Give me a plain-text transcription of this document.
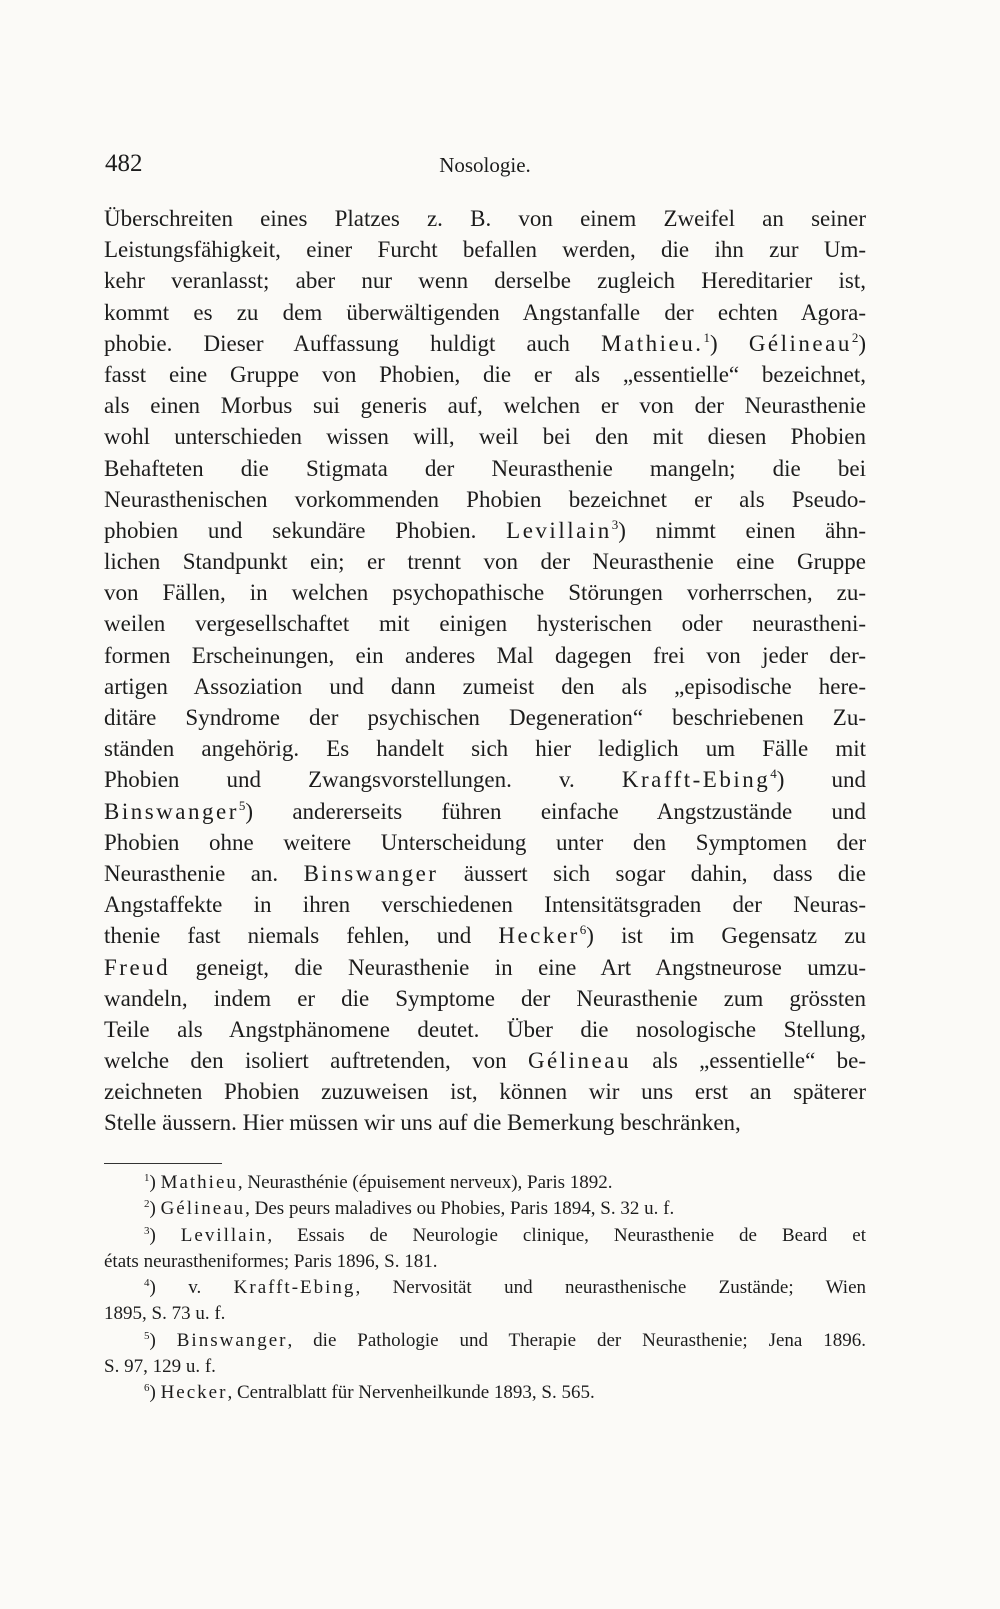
482	Nosologie.
Überschreiten eines Platzes z. B. von einem Zweifel an seiner
Leistungsfähigkeit, einer Furcht befallen werden, die ihn zur Um-
kehr veranlasst; aber nur wenn derselbe zugleich Hereditarier ist,
kommt es zu dem überwältigenden Angstanfalle der echten Agora-
phobie. Dieser Auffassung huldigt auch Mathieu.$^1$) Gélineau$^2$)
fasst eine Gruppe von Phobien, die er als „essentielle“ bezeichnet,
als einen Morbus sui generis auf, welchen er von der Neurasthenie
wohl unterschieden wissen will, weil bei den mit diesen Phobien
Behafteten die Stigmata der Neurasthenie mangeln; die bei
Neurasthenischen vorkommenden Phobien bezeichnet er als Pseudo-
phobien und sekundäre Phobien. Levillain$^3$) nimmt einen ähn-
lichen Standpunkt ein; er trennt von der Neurasthenie eine Gruppe
von Fällen, in welchen psychopathische Störungen vorherrschen, zu-
weilen vergesellschaftet mit einigen hysterischen oder neurastheni-
formen Erscheinungen, ein anderes Mal dagegen frei von jeder der-
artigen Assoziation und dann zumeist den als „episodische here-
ditäre Syndrome der psychischen Degeneration“ beschriebenen Zu-
ständen angehörig. Es handelt sich hier lediglich um Fälle mit
Phobien und Zwangsvorstellungen. v. Krafft-Ebing$^4$) und
Binswanger$^5$) andererseits führen einfache Angstzustände und
Phobien ohne weitere Unterscheidung unter den Symptomen der
Neurasthenie an. Binswanger äussert sich sogar dahin, dass die
Angstaffekte in ihren verschiedenen Intensitätsgraden der Neuras-
thenie fast niemals fehlen, und Hecker$^6$) ist im Gegensatz zu
Freud geneigt, die Neurasthenie in eine Art Angstneurose umzu-
wandeln, indem er die Symptome der Neurasthenie zum grössten
Teile als Angstphänomene deutet. Über die nosologische Stellung,
welche den isoliert auftretenden, von Gélineau als „essentielle“ be-
zeichneten Phobien zuzuweisen ist, können wir uns erst an späterer
Stelle äussern. Hier müssen wir uns auf die Bemerkung beschränken,
$^1$) Mathieu, Neurasthénie (épuisement nerveux), Paris 1892.
$^2$) Gélineau, Des peurs maladives ou Phobies, Paris 1894, S. 32 u. f.
$^3$) Levillain, Essais de Neurologie clinique, Neurasthenie de Beard et
états neurastheniformes; Paris 1896, S. 181.
$^4$) v. Krafft-Ebing, Nervosität und neurasthenische Zustände; Wien
1895, S. 73 u. f.
$^5$) Binswanger, die Pathologie und Therapie der Neurasthenie; Jena 1896.
S. 97, 129 u. f.
$^6$) Hecker, Centralblatt für Nervenheilkunde 1893, S. 565.
